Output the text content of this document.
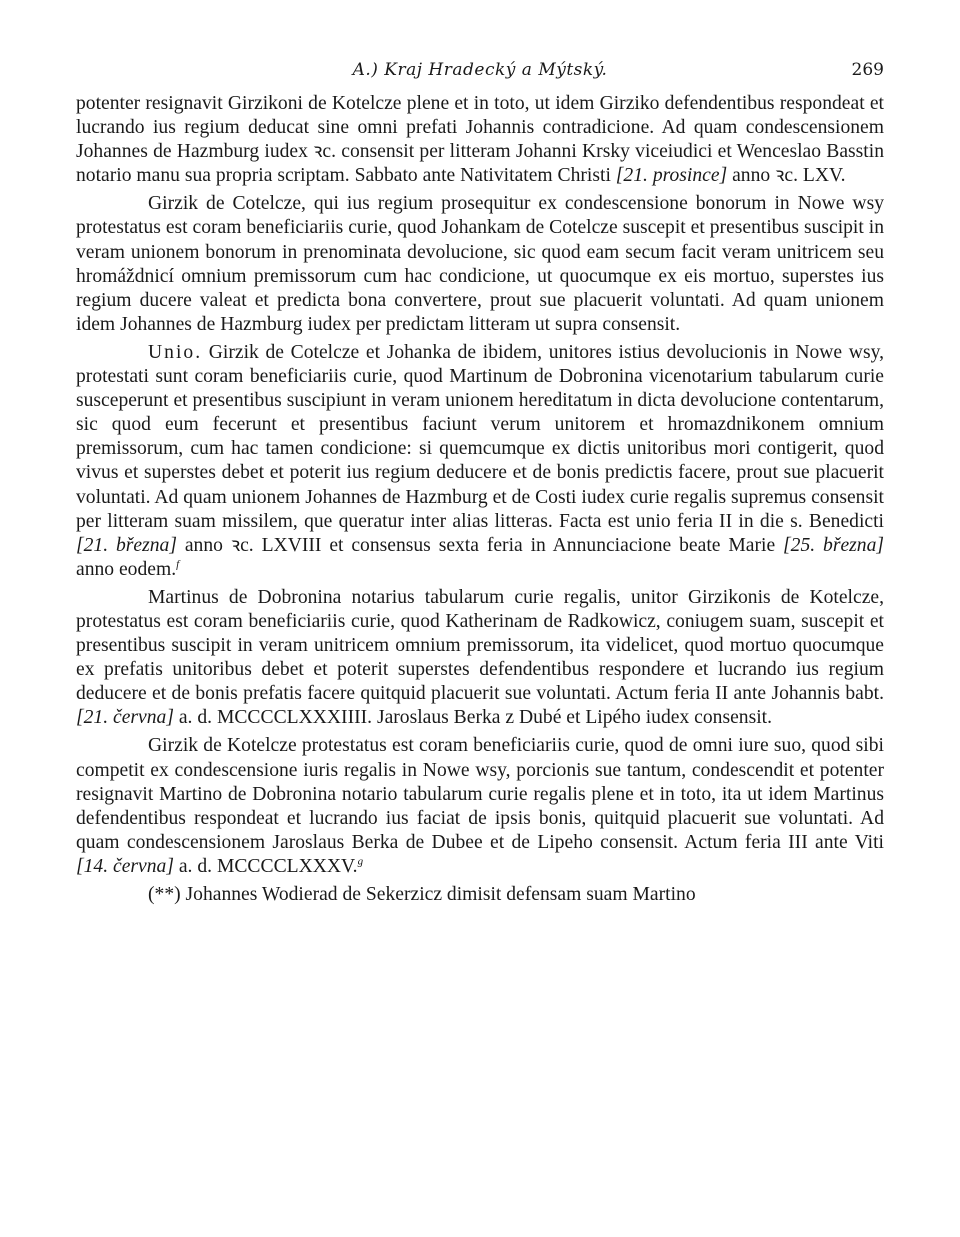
A.) Kraj Hradecký a Mýtský.	269

potenter resignavit Girzikoni de Kotelcze plene et in toto, ut idem Girziko defendentibus respondeat et lucrando ius regium deducat sine omni prefati Johannis contradicione. Ad quam condescensionem Johannes de Hazmburg iudex ꝛc. consensit per litteram Johanni Krsky viceiudici et Wenceslao Basstin notario manu sua propria scriptam. Sabbato ante Nativitatem Christi [21. prosince] anno ꝛc. LXV.

Girzik de Cotelcze, qui ius regium prosequitur ex condescensione bonorum in Nowe wsy protestatus est coram beneficiariis curie, quod Johankam de Cotelcze suscepit et presentibus suscipit in veram unionem bonorum in prenominata devolucione, sic quod eam secum facit veram unitricem seu hromáždnicí omnium premissorum cum hac condicione, ut quocumque ex eis mortuo, superstes ius regium ducere valeat et predicta bona convertere, prout sue placuerit voluntati. Ad quam unionem idem Johannes de Hazmburg iudex per predictam litteram ut supra consensit.

Unio. Girzik de Cotelcze et Johanka de ibidem, unitores istius devolucionis in Nowe wsy, protestati sunt coram beneficiariis curie, quod Martinum de Dobronina vicenotarium tabularum curie susceperunt et presentibus suscipiunt in veram unionem hereditatum in dicta devolucione contentarum, sic quod eum fecerunt et presentibus faciunt verum unitorem et hromazdnikonem omnium premissorum, cum hac tamen condicione: si quemcumque ex dictis unitoribus mori contigerit, quod vivus et superstes debet et poterit ius regium deducere et de bonis predictis facere, prout sue placuerit voluntati. Ad quam unionem Johannes de Hazmburg et de Costi iudex curie regalis supremus consensit per litteram suam missilem, que queratur inter alias litteras. Facta est unio feria II in die s. Benedicti [21. března] anno ꝛc. LXVIII et consensus sexta feria in Annunciacione beate Marie [25. března] anno eodem.$^f$

Martinus de Dobronina notarius tabularum curie regalis, unitor Girzikonis de Kotelcze, protestatus est coram beneficiariis curie, quod Katherinam de Radkowicz, coniugem suam, suscepit et presentibus suscipit in veram unitricem omnium premissorum, ita videlicet, quod mortuo quocumque ex prefatis unitoribus debet et poterit superstes defendentibus respondere et lucrando ius regium deducere et de bonis prefatis facere quitquid placuerit sue voluntati. Actum feria II ante Johannis babt. [21. června] a. d. MCCCCLXXXIIII. Jaroslaus Berka z Dubé et Lipého iudex consensit.

Girzik de Kotelcze protestatus est coram beneficiariis curie, quod de omni iure suo, quod sibi competit ex condescensione iuris regalis in Nowe wsy, porcionis sue tantum, condescendit et potenter resignavit Martino de Dobronina notario tabularum curie regalis plene et in toto, ita ut idem Martinus defendentibus respondeat et lucrando ius faciat de ipsis bonis, quitquid placuerit sue voluntati. Ad quam condescensionem Jaroslaus Berka de Dubee et de Lipeho consensit. Actum feria III ante Viti [14. června] a. d. MCCCCLXXXV.$^g$

(**) Johannes Wodierad de Sekerzicz dimisit defensam suam Martino
